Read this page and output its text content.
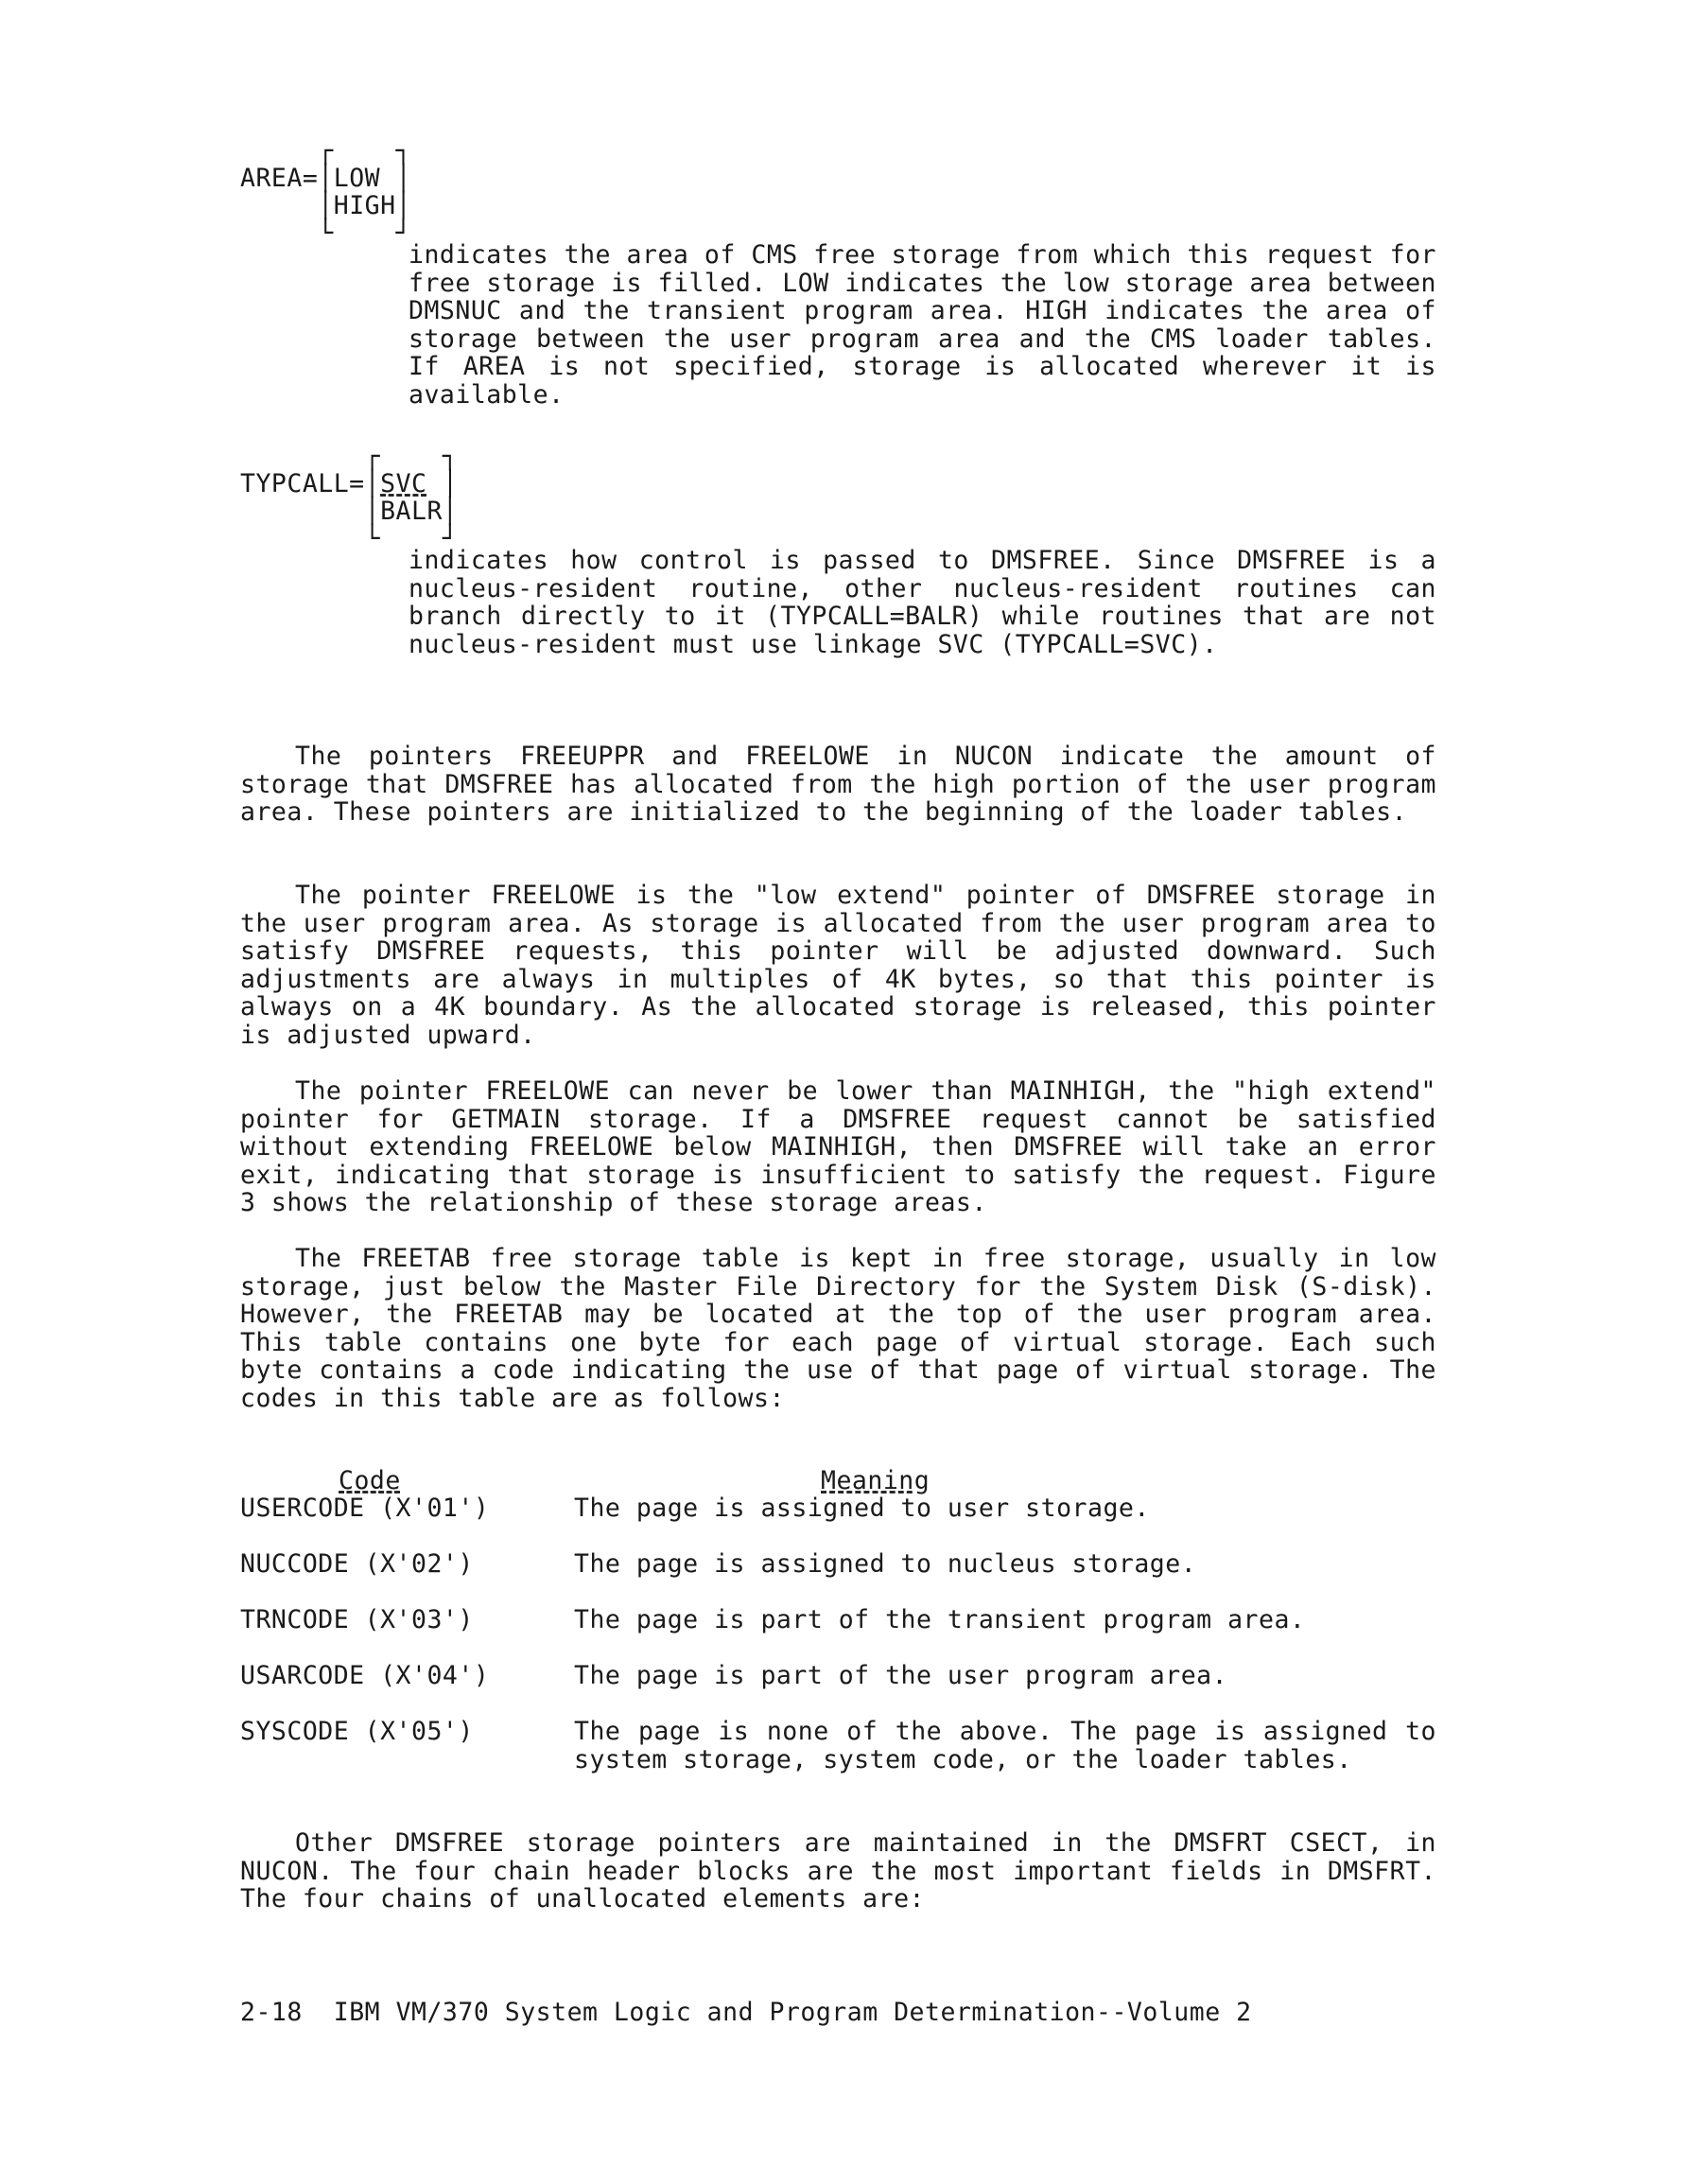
┌    ┐
AREA=│LOW │
│HIGH│
└    ┘
indicates the area of CMS free storage from which this request for free storage is filled. LOW indicates the low storage area between DMSNUC and the transient program area. HIGH indicates the area of storage between the user program area and the CMS loader tables. If AREA is not specified, storage is allocated wherever it is available.
┌    ┐
TYPCALL=│SVC │
│BALR│
└    ┘
indicates how control is passed to DMSFREE. Since DMSFREE is a nucleus-resident routine, other nucleus-resident routines can branch directly to it (TYPCALL=BALR) while routines that are not nucleus-resident must use linkage SVC (TYPCALL=SVC).
The pointers FREEUPPR and FREELOWE in NUCON indicate the amount of storage that DMSFREE has allocated from the high portion of the user program area. These pointers are initialized to the beginning of the loader tables.
The pointer FREELOWE is the "low extend" pointer of DMSFREE storage in the user program area. As storage is allocated from the user program area to satisfy DMSFREE requests, this pointer will be adjusted downward. Such adjustments are always in multiples of 4K bytes, so that this pointer is always on a 4K boundary. As the allocated storage is released, this pointer is adjusted upward.
The pointer FREELOWE can never be lower than MAINHIGH, the "high extend" pointer for GETMAIN storage. If a DMSFREE request cannot be satisfied without extending FREELOWE below MAINHIGH, then DMSFREE will take an error exit, indicating that storage is insufficient to satisfy the request. Figure 3 shows the relationship of these storage areas.
The FREETAB free storage table is kept in free storage, usually in low storage, just below the Master File Directory for the System Disk (S-disk). However, the FREETAB may be located at the top of the user program area. This table contains one byte for each page of virtual storage. Each such byte contains a code indicating the use of that page of virtual storage. The codes in this table are as follows:
Code	Meaning
USERCODE (X'01')	The page is assigned to user storage.
NUCCODE (X'02')	The page is assigned to nucleus storage.
TRNCODE (X'03')	The page is part of the transient program area.
USARCODE (X'04')	The page is part of the user program area.
SYSCODE (X'05')	The page is none of the above. The page is assigned to system storage, system code, or the loader tables.
Other DMSFREE storage pointers are maintained in the DMSFRT CSECT, in NUCON. The four chain header blocks are the most important fields in DMSFRT. The four chains of unallocated elements are:
2-18 IBM VM/370 System Logic and Program Determination--Volume 2
